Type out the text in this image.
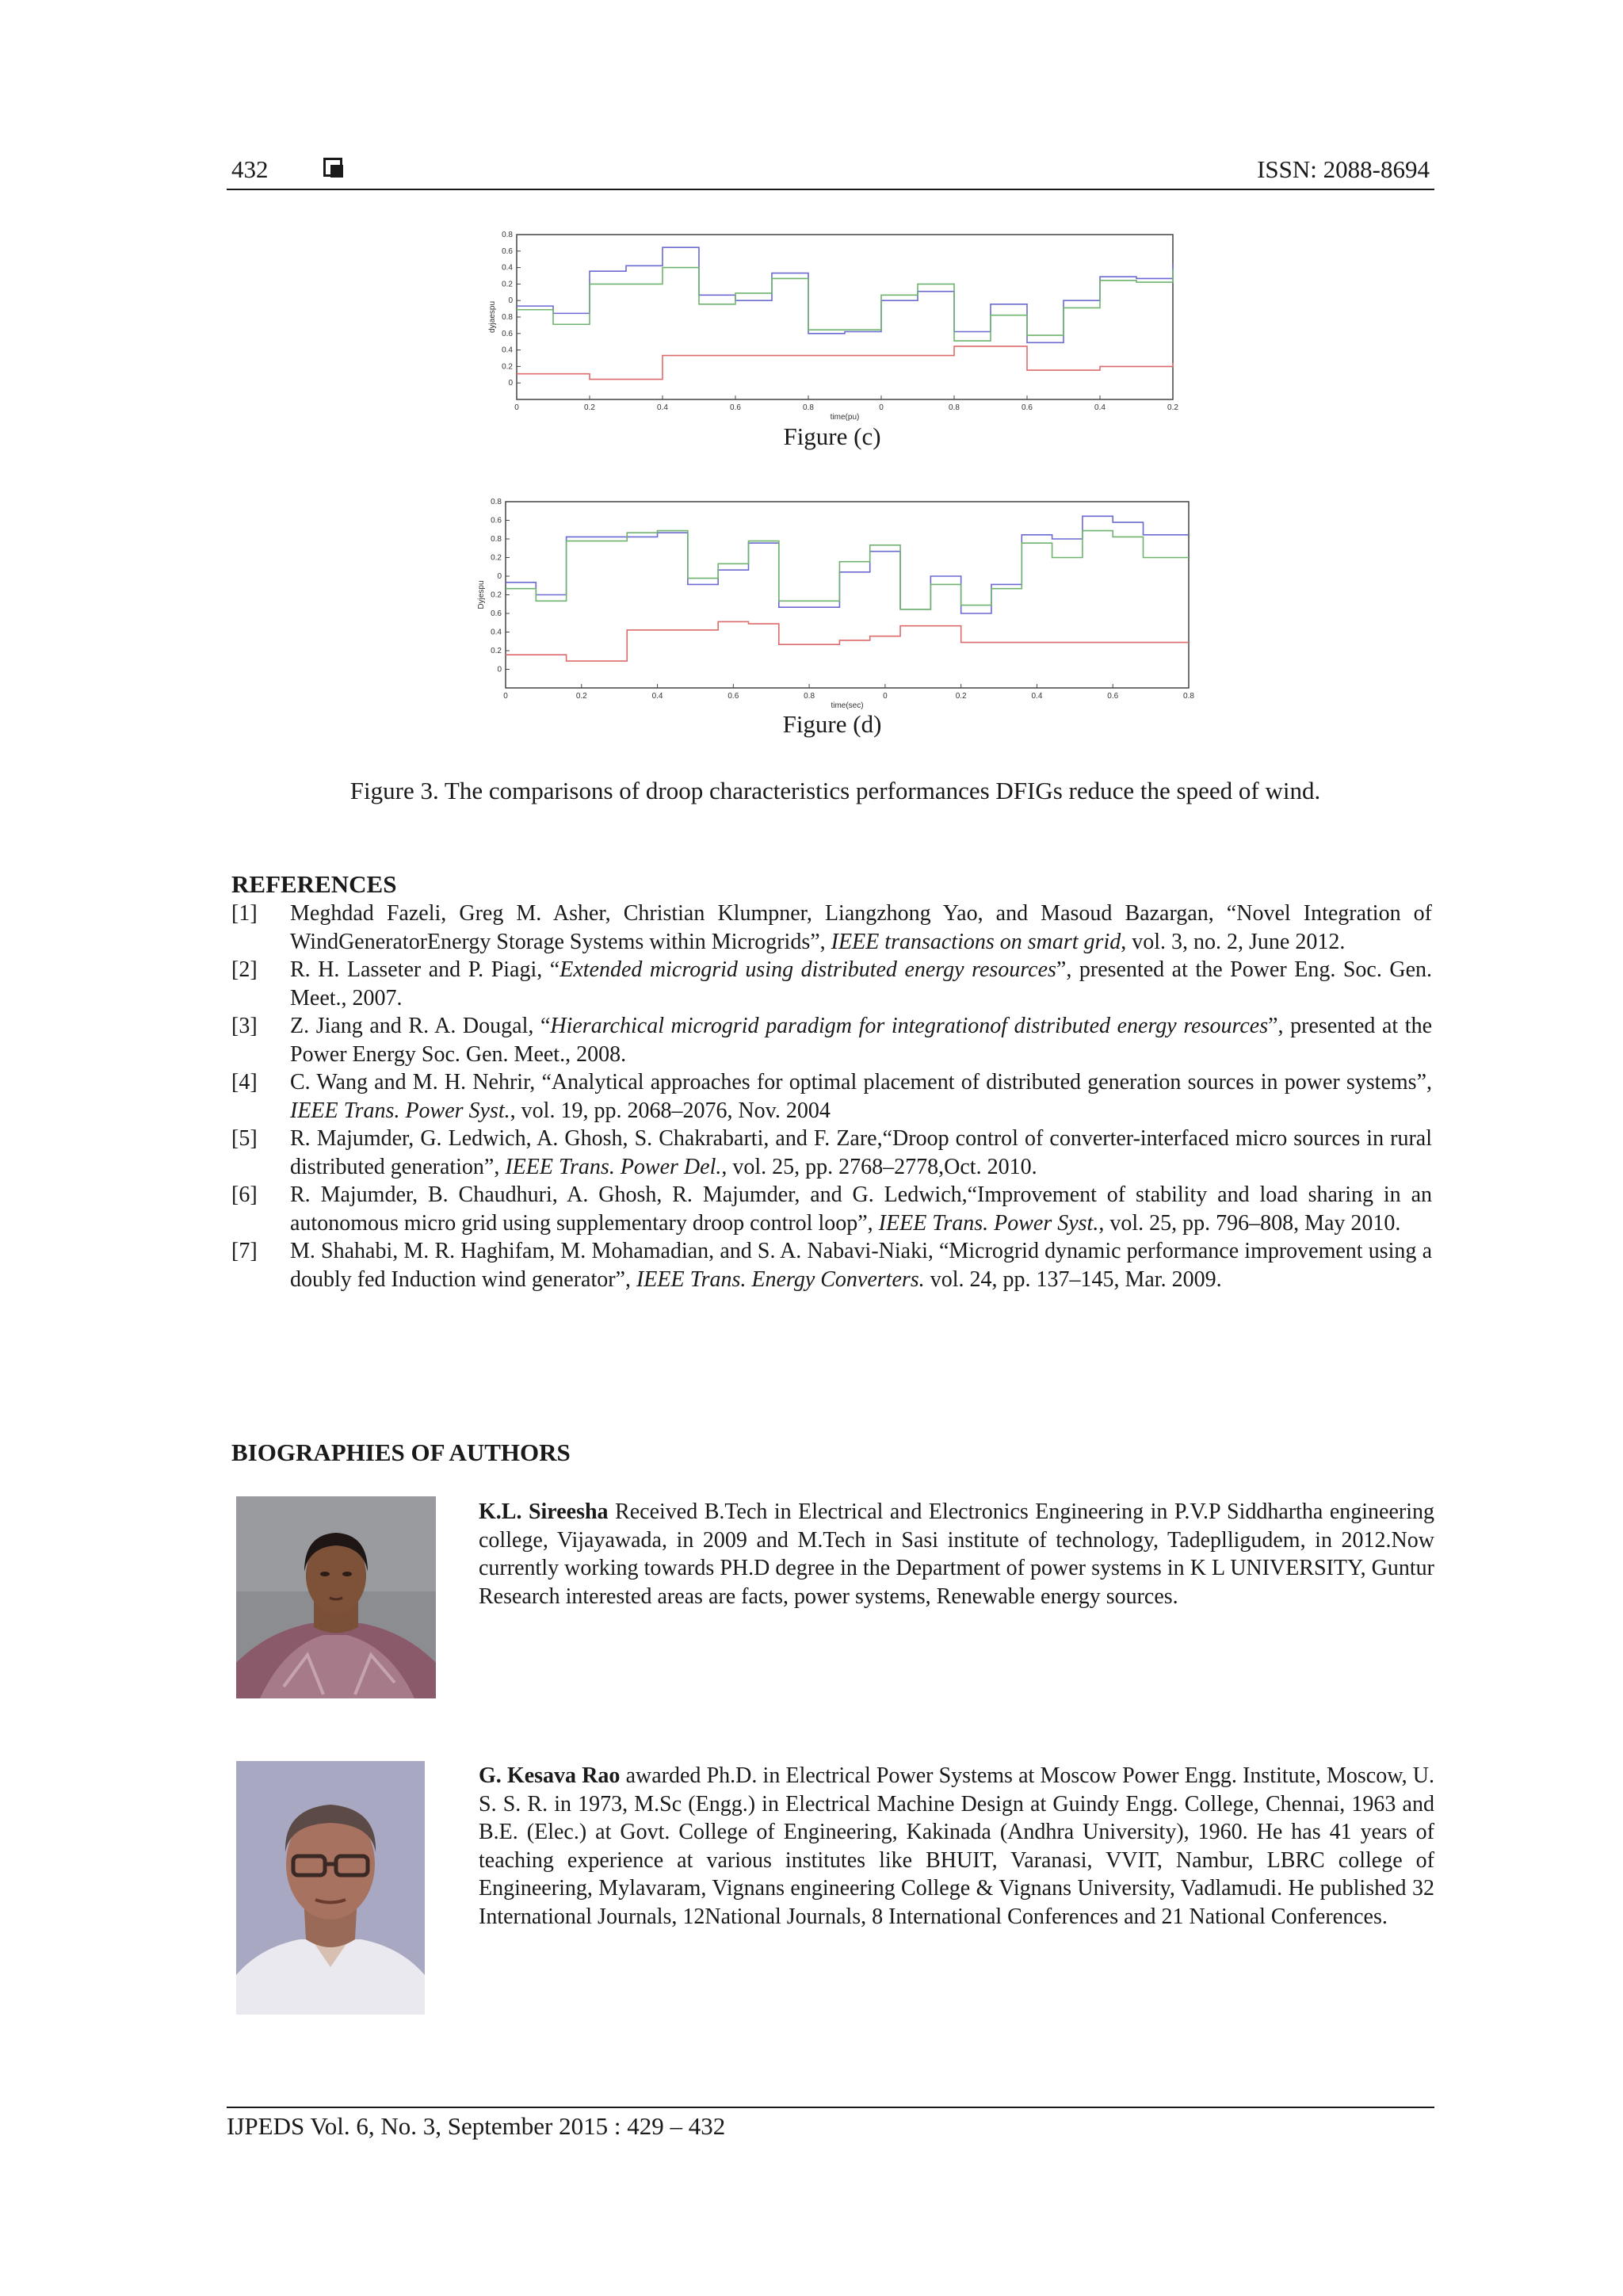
432	ISSN: 2088-8694
0	0.2	0.4	0.6	0.8	0	0.8	0.6	0.4	0.2
0.8
0.6
0.4
0.2
0
0.8
0.6
0.4
0.2
0
time(pu)
dyjaespu
Figure (c)
0	0.2	0.4	0.6	0.8	0	0.2	0.4	0.6	0.8
0.8
0.6
0.8
0.2
0
0.2
0.6
0.4
0.2
0
time(sec)
Dyjespu
Figure (d)
Figure 3. The comparisons of droop characteristics performances DFIGs reduce the speed of wind.
REFERENCES
[1]	Meghdad Fazeli, Greg M. Asher, Christian Klumpner, Liangzhong Yao, and Masoud Bazargan, “Novel Integration of WindGeneratorEnergy Storage Systems within Microgrids”, IEEE transactions on smart grid, vol. 3, no. 2, June 2012.
[2]	R. H. Lasseter and P. Piagi, “Extended microgrid using distributed energy resources”, presented at the Power Eng. Soc. Gen. Meet., 2007.
[3]	Z. Jiang and R. A. Dougal, “Hierarchical microgrid paradigm for integrationof distributed energy resources”, presented at the Power Energy Soc. Gen. Meet., 2008.
[4]	C. Wang and M. H. Nehrir, “Analytical approaches for optimal placement of distributed generation sources in power systems”, IEEE Trans. Power Syst., vol. 19, pp. 2068–2076, Nov. 2004
[5]	R. Majumder, G. Ledwich, A. Ghosh, S. Chakrabarti, and F. Zare,“Droop control of converter-interfaced micro sources in rural distributed generation”, IEEE Trans. Power Del., vol. 25, pp. 2768–2778,Oct. 2010.
[6]	R. Majumder, B. Chaudhuri, A. Ghosh, R. Majumder, and G. Ledwich,“Improvement of stability and load sharing in an autonomous micro grid using supplementary droop control loop”, IEEE Trans. Power Syst., vol. 25, pp. 796–808, May 2010.
[7]	M. Shahabi, M. R. Haghifam, M. Mohamadian, and S. A. Nabavi-Niaki, “Microgrid dynamic performance improvement using a doubly fed Induction wind generator”, IEEE Trans. Energy Converters. vol. 24, pp. 137–145, Mar. 2009.
BIOGRAPHIES OF AUTHORS
K.L. Sireesha Received B.Tech in Electrical and Electronics Engineering in P.V.P Siddhartha engineering college, Vijayawada, in 2009 and M.Tech in Sasi institute of technology, Tadeplligudem, in 2012.Now currently working towards PH.D degree in the Department of power systems in K L UNIVERSITY, Guntur Research interested areas are facts, power systems, Renewable energy sources.
G. Kesava Rao awarded Ph.D. in Electrical Power Systems at Moscow Power Engg. Institute, Moscow, U. S. S. R. in 1973, M.Sc (Engg.) in Electrical Machine Design at Guindy Engg. College, Chennai, 1963 and B.E. (Elec.) at Govt. College of Engineering, Kakinada (Andhra University), 1960. He has 41 years of teaching experience at various institutes like BHUIT, Varanasi, VVIT, Nambur, LBRC college of Engineering, Mylavaram, Vignans engineering College & Vignans University, Vadlamudi. He published 32 International Journals, 12National Journals, 8 International Conferences and 21 National Conferences.
IJPEDS Vol. 6, No. 3, September 2015 : 429 – 432
